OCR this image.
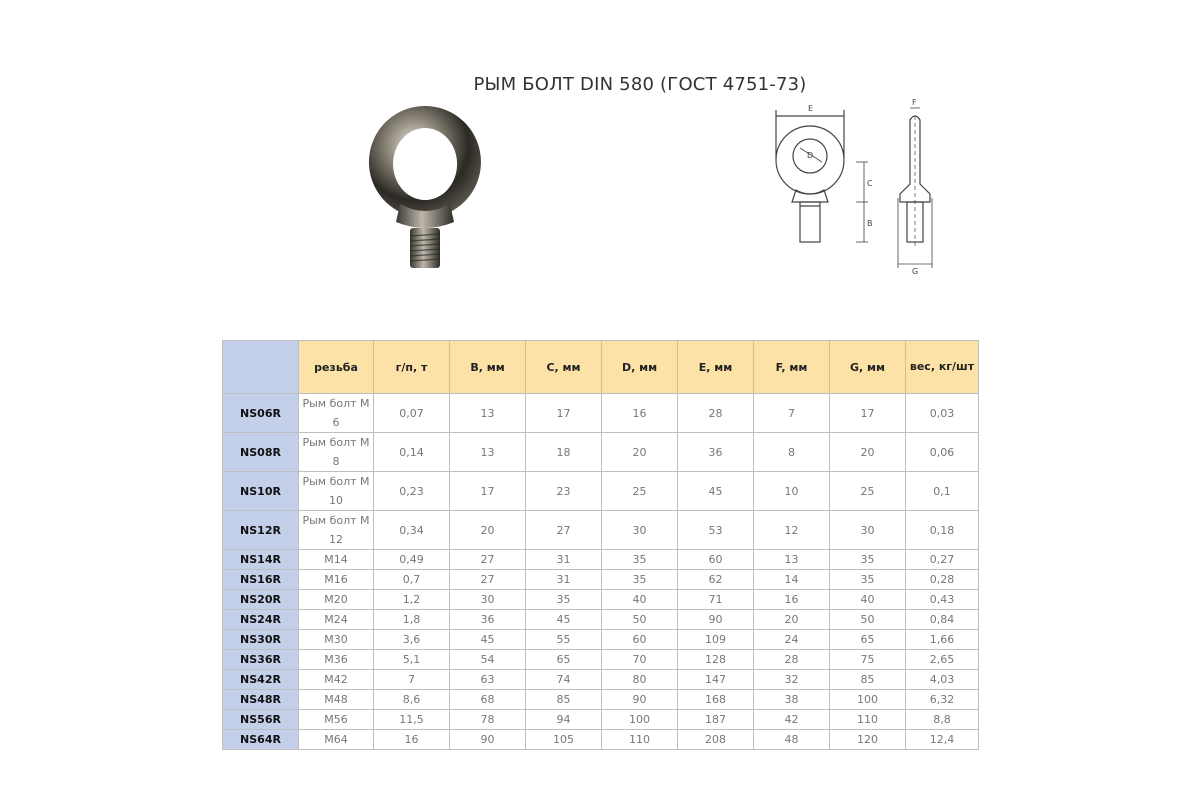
РЫМ БОЛТ DIN 580 (ГОСТ 4751-73)
E
F
D
C
B
G
	резьба	г/п, т	B, мм	C, мм	D, мм	E, мм	F, мм	G, мм	вес, кг/шт
NS06R	Рым болт М6	0,07	13	17	16	28	7	17	0,03
NS08R	Рым болт М8	0,14	13	18	20	36	8	20	0,06
NS10R	Рым болт М10	0,23	17	23	25	45	10	25	0,1
NS12R	Рым болт М12	0,34	20	27	30	53	12	30	0,18
NS14R	М14	0,49	27	31	35	60	13	35	0,27
NS16R	М16	0,7	27	31	35	62	14	35	0,28
NS20R	М20	1,2	30	35	40	71	16	40	0,43
NS24R	М24	1,8	36	45	50	90	20	50	0,84
NS30R	М30	3,6	45	55	60	109	24	65	1,66
NS36R	М36	5,1	54	65	70	128	28	75	2,65
NS42R	М42	7	63	74	80	147	32	85	4,03
NS48R	М48	8,6	68	85	90	168	38	100	6,32
NS56R	М56	11,5	78	94	100	187	42	110	8,8
NS64R	М64	16	90	105	110	208	48	120	12,4
